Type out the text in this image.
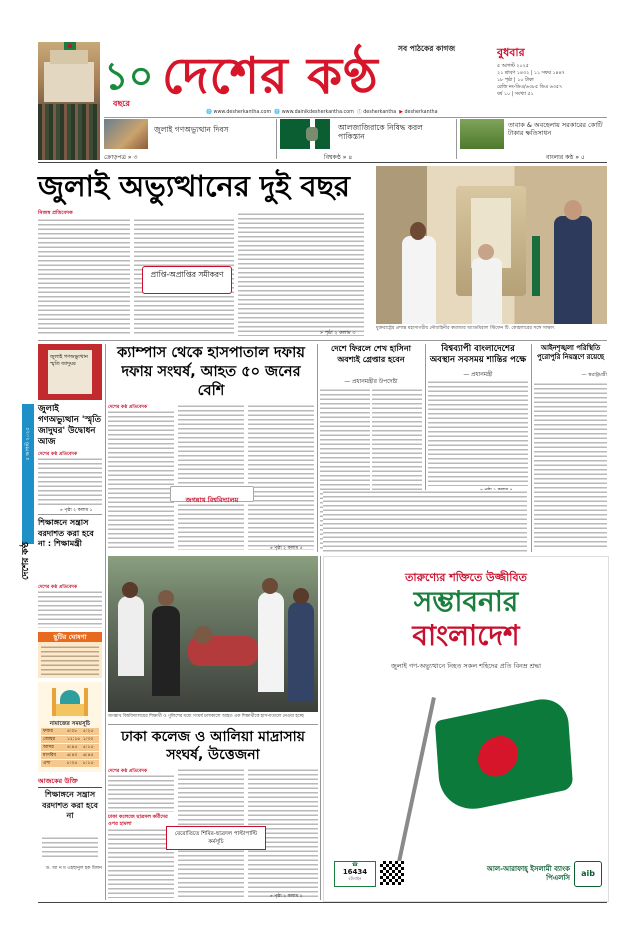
সব পাঠকের কাগজ
১০
বছরে দেশের কণ্ঠ
🌐 www.desherkantha.com 🌐 www.dainikdesherkantha.com ⓕ desherkantha ▶ desherkantha
বুধবার
৫ আগস্ট ২০২৫
২১ শ্রাবণ ১৪৩২ | ১১ সফর ১৪৪৭
১৮ পৃষ্ঠা | ১০ টাকা
রেজি নং-ডিএ/৬৩৮৫ ডিএ ৬৩৫৭
বর্ষ ১০ | সংখ্যা ৫১
জুলাই গণঅভ্যুত্থান দিবস
ক্রোড়পত্র » ৩
আলজাজিরাকে নিষিদ্ধ করল পাকিস্তান
বিশ্বকণ্ঠ » ৪
তাবাক & অবহেলায় সরকারের কোটি টাকার ক্ষতিসাধন
বাংলার কণ্ঠ » ৫
জুলাই অভ্যুত্থানের দুই বছর
নিজস্ব প্রতিবেদক
প্রাপ্তি-অপ্রাপ্তির সমীকরণ
» পৃষ্ঠা ২ কলাম ৩
যুক্তরাষ্ট্রের প্রশান্ত মহাসাগরীয় নৌবাহিনীর কমান্ডার অ্যাডমিরাল স্টিফেন টি. কোহলারের সঙ্গে সাক্ষাৎ
জুলাই গণঅভ্যুত্থান স্মৃতি জাদুঘর
৫ আগস্ট ২০২৫
দেশের কণ্ঠ
জুলাই গণঅভ্যুত্থান 'স্মৃতি জাদুঘর' উদ্বোধন আজ
দেশের কণ্ঠ প্রতিবেদক
» পৃষ্ঠা ২ কলাম ১
শিক্ষাঙ্গনে সন্ত্রাস বরদাশত করা হবে না : শিক্ষামন্ত্রী
দেশের কণ্ঠ প্রতিবেদক
ছুটির ঘোষণা
নামাজের সময়সূচি
ফজর	৪:০৮	৫:২৫
জোহর	১২:১৫ ১:৩০
আসর	৪:৪৫	৫:১৫
মাগরিব	৬:৪০	৬:৪৫
এশা	৮:০৫	৮:১৫
আজকের উক্তি
শিক্ষাঙ্গনে সন্ত্রাস বরদাশত করা হবে না
ড. আ ন ম এহছানুল হক মিলন
ক্যাম্পাস থেকে হাসপাতাল দফায় দফায় সংঘর্ষ, আহত ৫০ জনের বেশি
দেশের কণ্ঠ প্রতিবেদক
জগন্নাথ বিশ্ববিদ্যালয়
» পৃষ্ঠা ২ কলাম ৫
দেশে ফিরলে শেখ হাসিনা অবশ্যই গ্রেপ্তার হবেন
— প্রধানমন্ত্রীর উপদেষ্টা
বিশ্বব্যাপী বাংলাদেশের অবস্থান সবসময় শান্তির পক্ষে
— প্রধানমন্ত্রী
আইনশৃঙ্খলা পরিস্থিতি পুরোপুরি নিয়ন্ত্রণে রয়েছে
— স্বরাষ্ট্রমন্ত্রী
জগন্নাথ বিশ্ববিদ্যালয়ের শিক্ষার্থী ও পুলিশের মধ্যে সংঘর্ষ চলাকালে আহত এক শিক্ষার্থীকে হাসপাতালে নেওয়া হচ্ছে
ঢাকা কলেজ ও আলিয়া মাদ্রাসায় সংঘর্ষ, উত্তেজনা
দেশের কণ্ঠ প্রতিবেদক
ঢাকা কলেজে ছাত্রদল কর্মীদের ওপর হামলা
বেরোতিতে শিবির-ছাত্রদল পাল্টাপাল্টি কর্মসূচি
» পৃষ্ঠা ২ কলাম ২
তারুণ্যের শক্তিতে উজ্জীবিত
সম্ভাবনার
বাংলাদেশ
জুলাই গণ-অভ্যুত্থানে নিহত সকল শহিদের প্রতি বিনম্র শ্রদ্ধা
☎
16434
হটলাইন
আল-আরাফাহ্ ইসলামী ব্যাংক পিএলসি	aib
